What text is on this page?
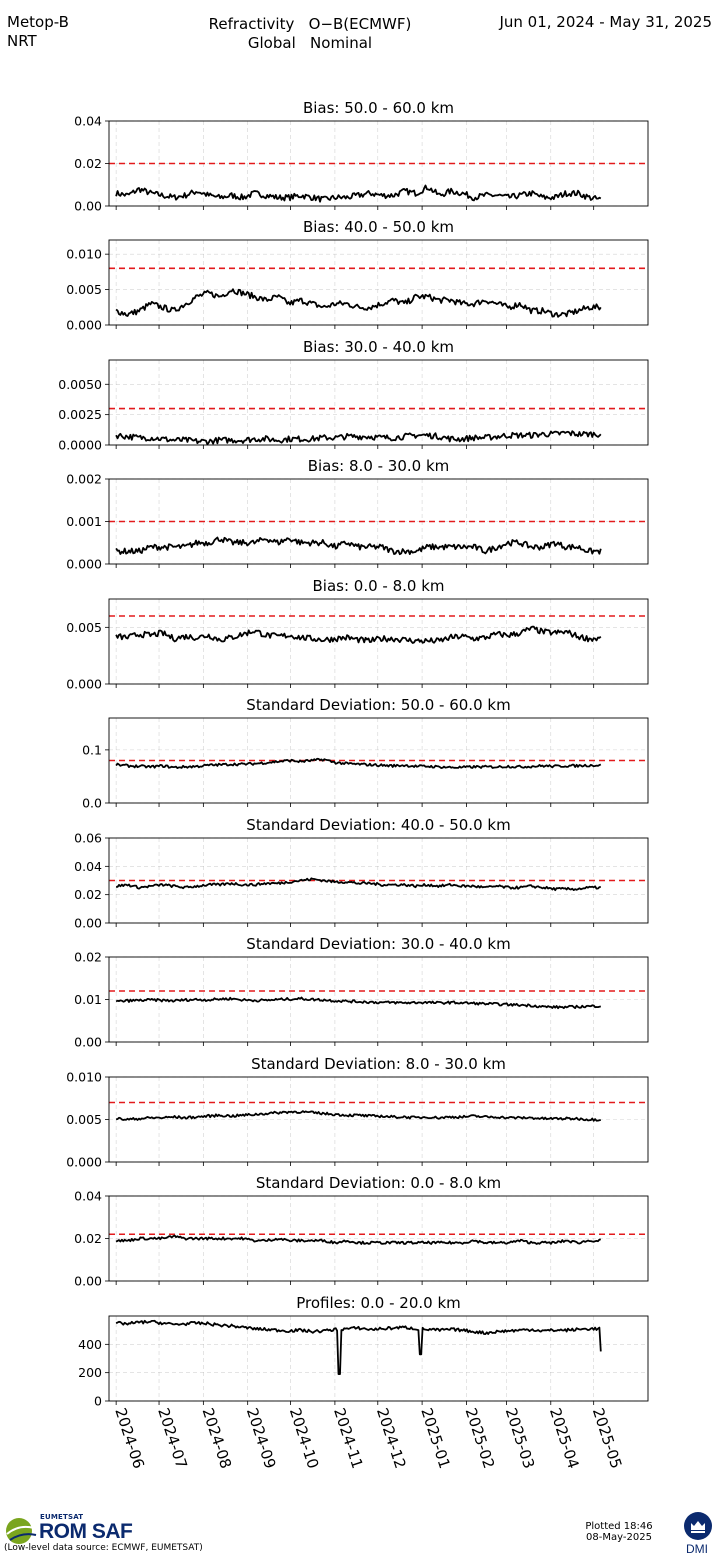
Metop-B
NRT
Refractivity   O−B(ECMWF)
Global   Nominal
Jun 01, 2024 - May 31, 2025
Bias: 50.0 - 60.0 km
0.00
0.02
0.04
Bias: 40.0 - 50.0 km
0.000
0.005
0.010
Bias: 30.0 - 40.0 km
0.0000
0.0025
0.0050
Bias: 8.0 - 30.0 km
0.000
0.001
0.002
Bias: 0.0 - 8.0 km
0.000
0.005
Standard Deviation: 50.0 - 60.0 km
0.0
0.1
Standard Deviation: 40.0 - 50.0 km
0.00
0.02
0.04
0.06
Standard Deviation: 30.0 - 40.0 km
0.00
0.01
0.02
Standard Deviation: 8.0 - 30.0 km
0.000
0.005
0.010
Standard Deviation: 0.0 - 8.0 km
0.00
0.02
0.04
Profiles: 0.0 - 20.0 km
0
200
400
2024-06 2024-07 2024-08 2024-09 2024-10 2024-11 2024-12 2025-01 2025-02 2025-03 2025-04 2025-05
EUMETSAT
ROM SAF
(Low-level data source: ECMWF, EUMETSAT)
Plotted 18:46
08-May-2025
DMI
